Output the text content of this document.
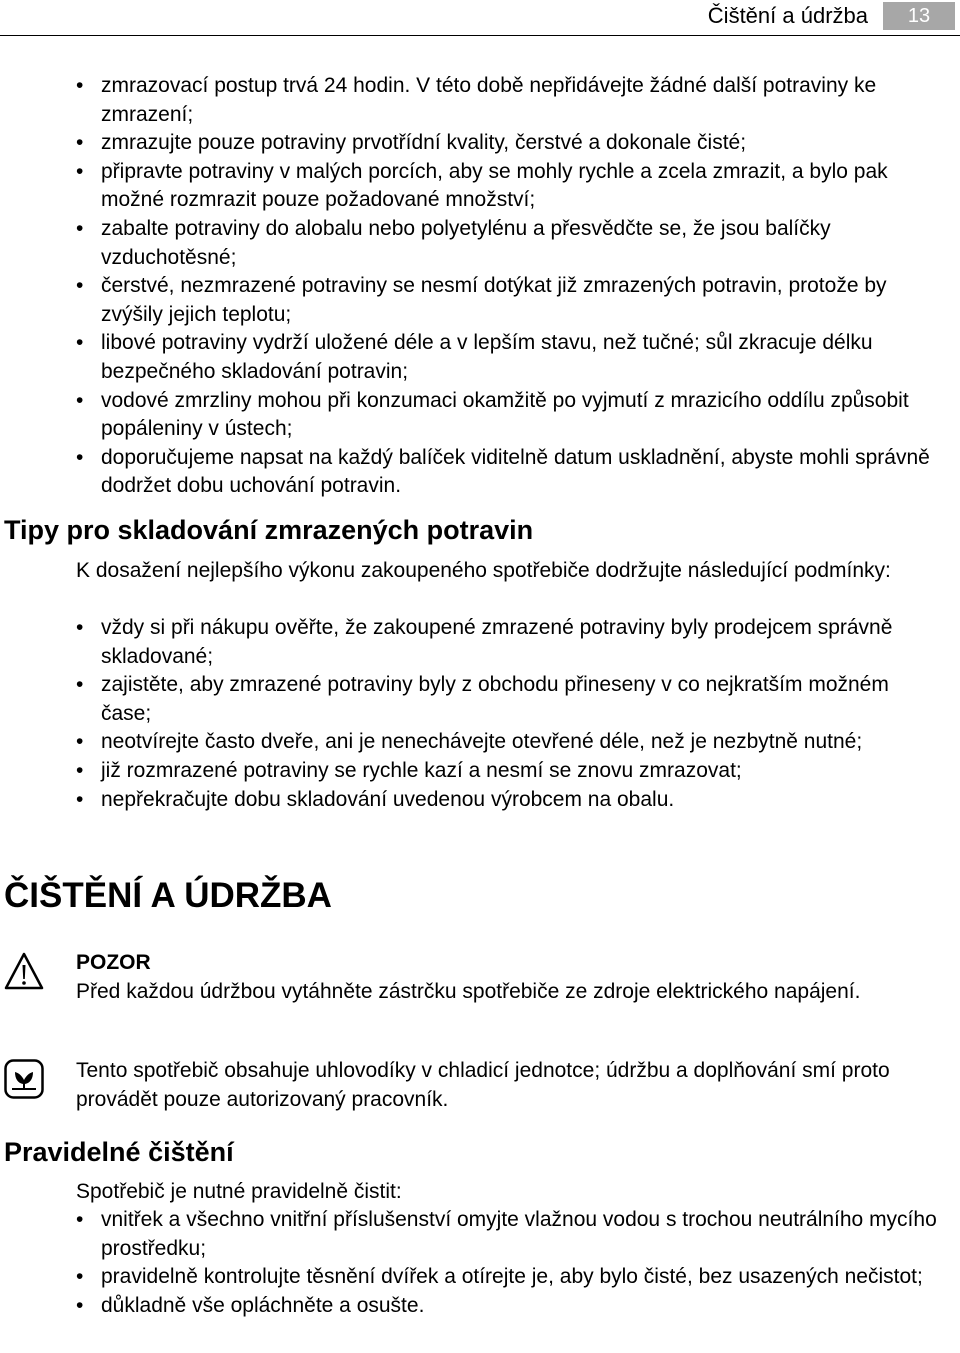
Čištění a údržba	13
• zmrazovací postup trvá 24 hodin. V této době nepřidávejte žádné další potraviny ke zmrazení;
• zmrazujte pouze potraviny prvotřídní kvality, čerstvé a dokonale čisté;
• připravte potraviny v malých porcích, aby se mohly rychle a zcela zmrazit, a bylo pak možné rozmrazit pouze požadované množství;
• zabalte potraviny do alobalu nebo polyetylénu a přesvědčte se, že jsou balíčky vzduchotěsné;
• čerstvé, nezmrazené potraviny se nesmí dotýkat již zmrazených potravin, protože by zvýšily jejich teplotu;
• libové potraviny vydrží uložené déle a v lepším stavu, než tučné; sůl zkracuje délku bezpečného skladování potravin;
• vodové zmrzliny mohou při konzumaci okamžitě po vyjmutí z mrazicího oddílu způsobit popáleniny v ústech;
• doporučujeme napsat na každý balíček viditelně datum uskladnění, abyste mohli správně dodržet dobu uchování potravin.
Tipy pro skladování zmrazených potravin
K dosažení nejlepšího výkonu zakoupeného spotřebiče dodržujte následující podmínky:
• vždy si při nákupu ověřte, že zakoupené zmrazené potraviny byly prodejcem správně skladované;
• zajistěte, aby zmrazené potraviny byly z obchodu přineseny v co nejkratším možném čase;
• neotvírejte často dveře, ani je nenechávejte otevřené déle, než je nezbytně nutné;
• již rozmrazené potraviny se rychle kazí a nesmí se znovu zmrazovat;
• nepřekračujte dobu skladování uvedenou výrobcem na obalu.
ČIŠTĚNÍ A ÚDRŽBA
POZOR
Před každou údržbou vytáhněte zástrčku spotřebiče ze zdroje elektrického napájení.
Tento spotřebič obsahuje uhlovodíky v chladicí jednotce; údržbu a doplňování smí proto provádět pouze autorizovaný pracovník.
Pravidelné čištění
Spotřebič je nutné pravidelně čistit:
• vnitřek a všechno vnitřní příslušenství omyjte vlažnou vodou s trochou neutrálního mycího prostředku;
• pravidelně kontrolujte těsnění dvířek a otírejte je, aby bylo čisté, bez usazených nečistot;
• důkladně vše opláchněte a osušte.
